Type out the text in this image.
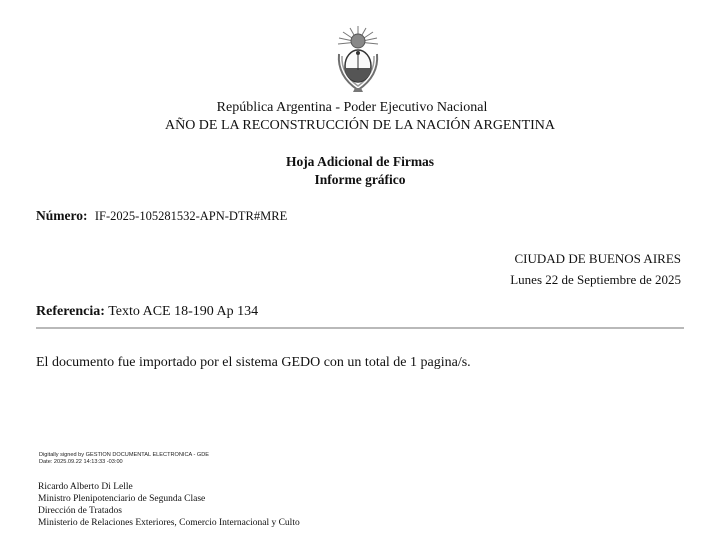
República Argentina - Poder Ejecutivo Nacional
AÑO DE LA RECONSTRUCCIÓN DE LA NACIÓN ARGENTINA
Hoja Adicional de Firmas
Informe gráfico
Número: IF-2025-105281532-APN-DTR#MRE
CIUDAD DE BUENOS AIRES
Lunes 22 de Septiembre de 2025
Referencia: Texto ACE 18-190 Ap 134
El documento fue importado por el sistema GEDO con un total de 1 pagina/s.
Digitally signed by GESTION DOCUMENTAL ELECTRONICA - GDE
Date: 2025.09.22 14:13:33 -03:00
Ricardo Alberto Di Lelle
Ministro Plenipotenciario de Segunda Clase
Dirección de Tratados
Ministerio de Relaciones Exteriores, Comercio Internacional y Culto
